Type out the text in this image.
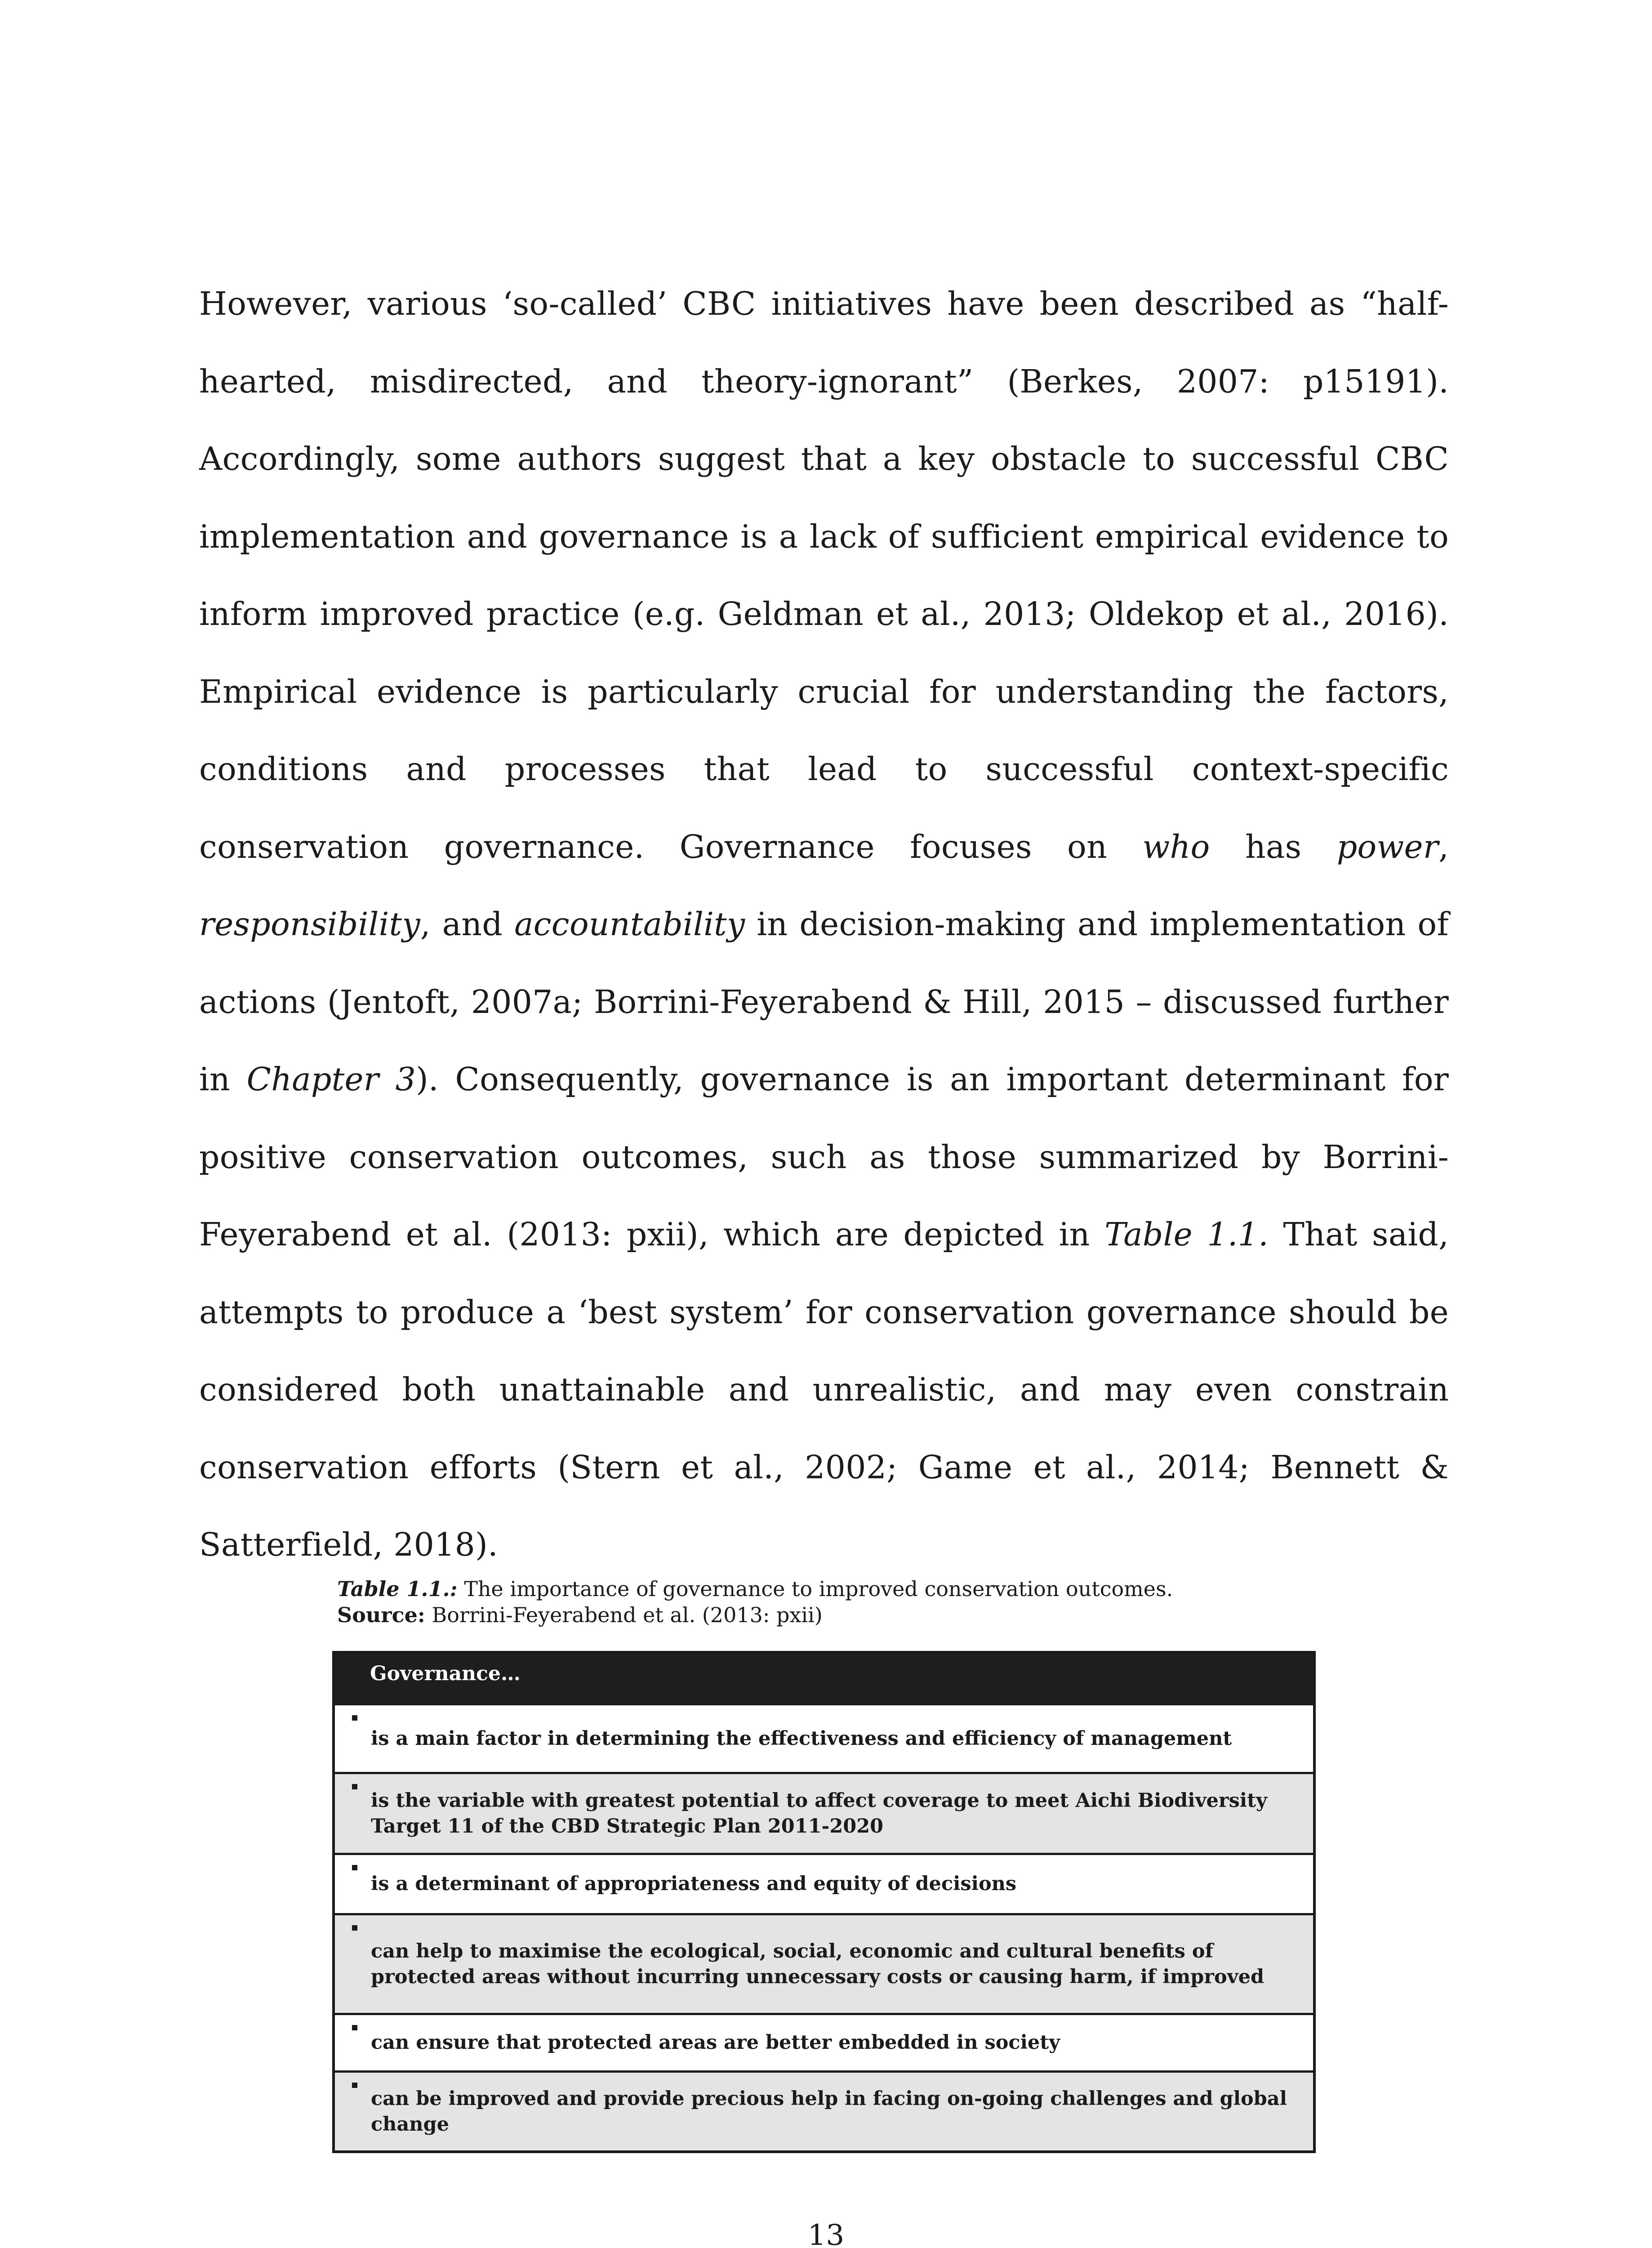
However, various ‘so-called’ CBC initiatives have been described as “half-hearted, misdirected, and theory-ignorant” (Berkes, 2007: p15191). Accordingly, some authors suggest that a key obstacle to successful CBC implementation and governance is a lack of sufficient empirical evidence to inform improved practice (e.g. Geldman et al., 2013; Oldekop et al., 2016). Empirical evidence is particularly crucial for understanding the factors, conditions and processes that lead to successful context-specific conservation governance. Governance focuses on who has power, responsibility, and accountability in decision-making and implementation of actions (Jentoft, 2007a; Borrini-Feyerabend & Hill, 2015 – discussed further in Chapter 3). Consequently, governance is an important determinant for positive conservation outcomes, such as those summarized by Borrini-Feyerabend et al. (2013: pxii), which are depicted in Table 1.1. That said, attempts to produce a ‘best system’ for conservation governance should be considered both unattainable and unrealistic, and may even constrain conservation efforts (Stern et al., 2002; Game et al., 2014; Bennett & Satterfield, 2018).

Table 1.1.: The importance of governance to improved conservation outcomes.
Source: Borrini-Feyerabend et al. (2013: pxii)
Governance…
is a main factor in determining the effectiveness and efficiency of management
is the variable with greatest potential to affect coverage to meet Aichi Biodiversity Target 11 of the CBD Strategic Plan 2011-2020
is a determinant of appropriateness and equity of decisions
can help to maximise the ecological, social, economic and cultural benefits of protected areas without incurring unnecessary costs or causing harm, if improved
can ensure that protected areas are better embedded in society
can be improved and provide precious help in facing on-going challenges and global change
13
